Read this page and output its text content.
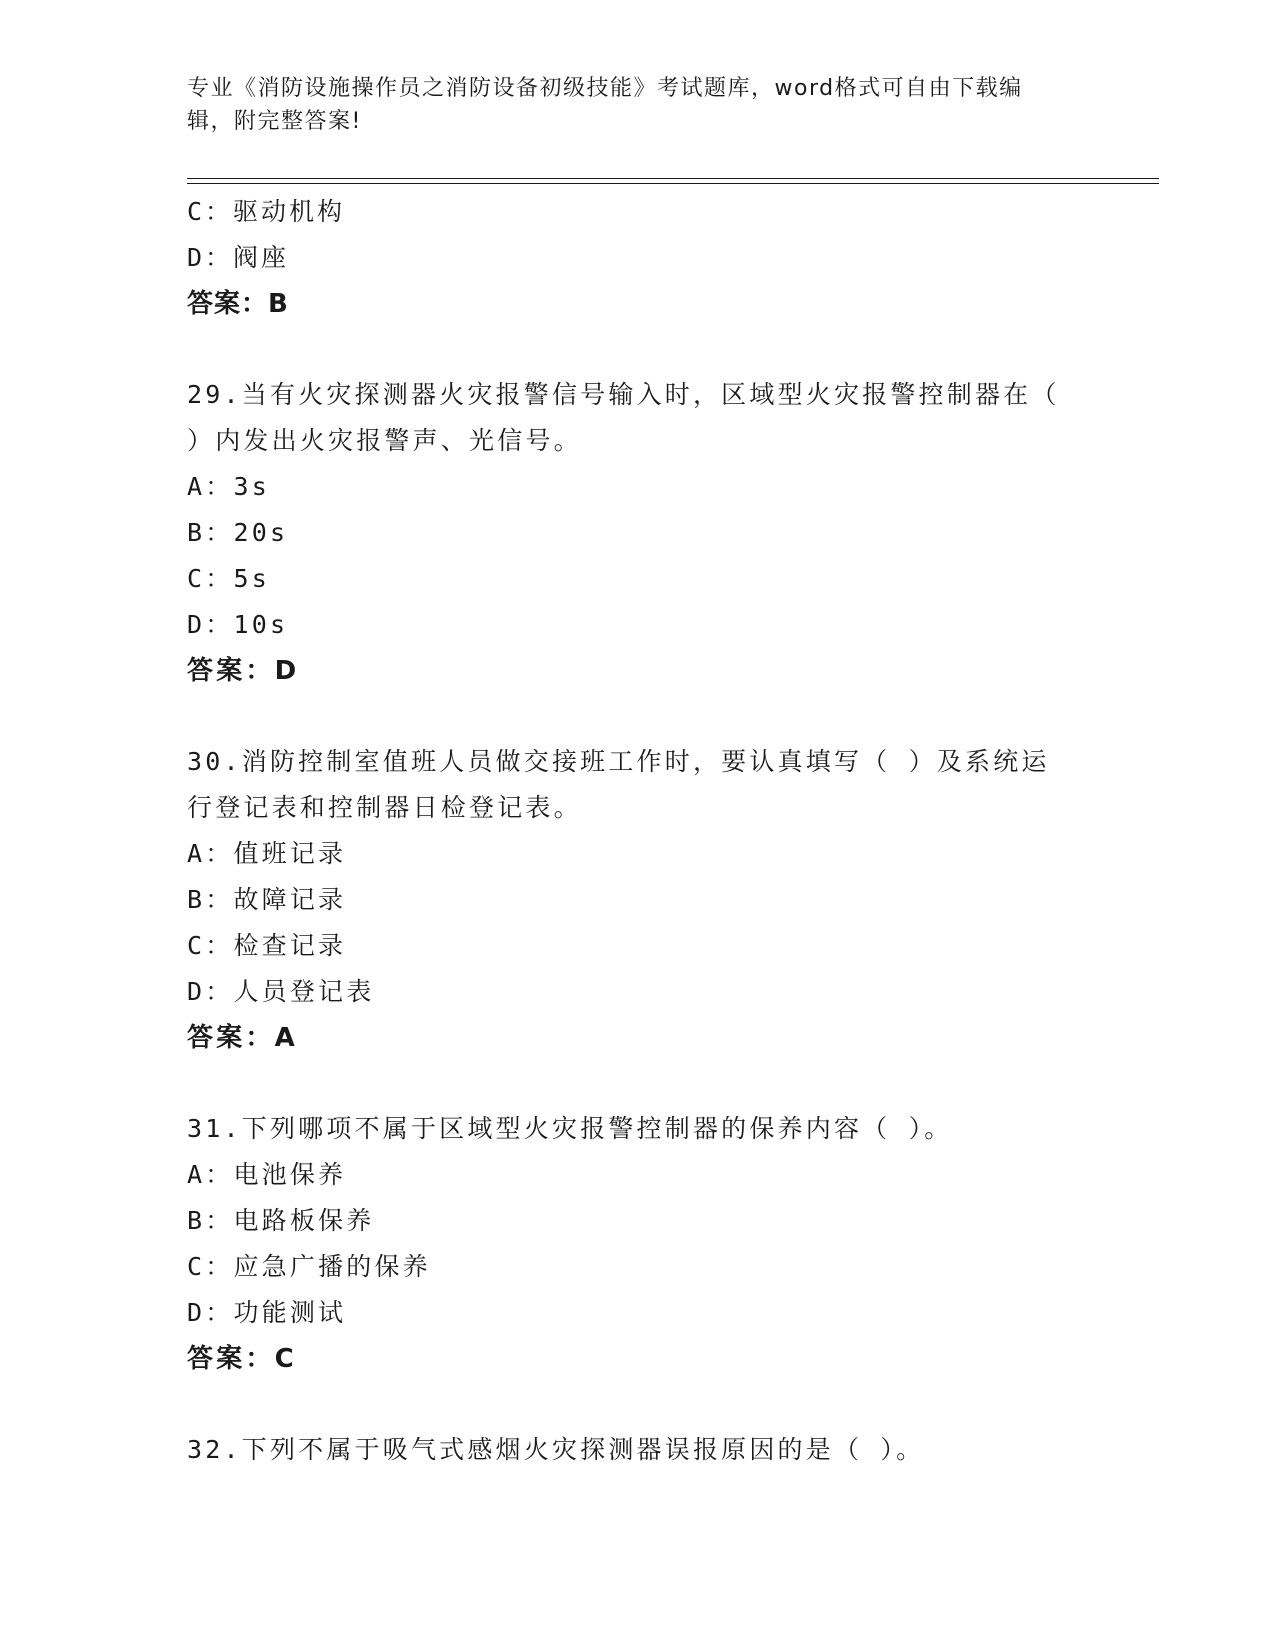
专业《消防设施操作员之消防设备初级技能》考试题库，word格式可自由下载编
辑，附完整答案!
C：驱动机构
D：阀座
答案：B
29.当有火灾探测器火灾报警信号输入时，区域型火灾报警控制器在（
）内发出火灾报警声、光信号。
A：3s
B：20s
C：5s
D：10s
答案：D
30.消防控制室值班人员做交接班工作时，要认真填写（ ）及系统运
行登记表和控制器日检登记表。
A：值班记录
B：故障记录
C：检查记录
D：人员登记表
答案：A
31.下列哪项不属于区域型火灾报警控制器的保养内容（ ）。
A：电池保养
B：电路板保养
C：应急广播的保养
D：功能测试
答案：C
32.下列不属于吸气式感烟火灾探测器误报原因的是（ ）。
